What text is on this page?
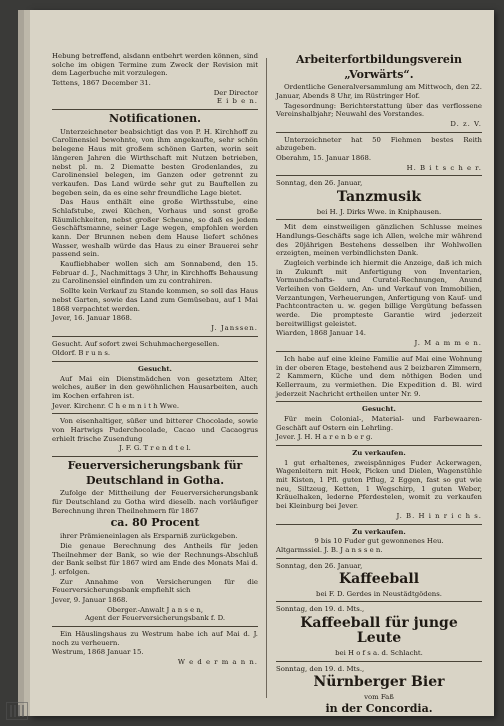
Hebung betreffend, alsdann entbehrt werden können, sind solche im obigen Termine zum Zweck der Revision mit dem Lagerbuche mit vorzulegen.
Tettens, 1867 December 31.
Der Director
E i b e n.
Notificationen.
Unterzeichneter beabsichtigt das von P. H. Kirchhoff zu Carolinensiel bewohnte, von ihm angekaufte, sehr schön belegene Haus mit großem schönen Garten, worin seit längeren Jahren die Wirthschaft mit Nutzen betrieben, nebst pl. m. 2 Diematte besten Grodenlandes, zu Carolinensiel belegen, im Ganzen oder getrennt zu verkaufen. Das Land würde sehr gut zu Bauftellen zu begeben sein, da es eine sehr freundliche Lage bietet.
Das Haus enthält eine große Wirthsstube, eine Schlafstube, zwei Küchen, Vorhaus und sonst große Räumlichkeiten, nebst großer Scheune, so daß es jedem Geschäftsmanne, seiner Lage wegen, empfohlen werden kann. Der Brunnen neben dem Hause liefert schönes Wasser, weshalb würde das Haus zu einer Brauerei sehr passend sein.
Kaufliebhaber wollen sich am Sonnabend, den 15. Februar d. J., Nachmittags 3 Uhr, in Kirchhoffs Behausung zu Carolinensiel einfinden um zu contrahiren.
Sollte kein Verkauf zu Stande kommen, so soll das Haus nebst Garten, sowie das Land zum Gemüsebau, auf 1 Mai 1868 verpachtet werden.
Jever, 16. Januar 1868.
J. Janssen.
Gesucht. Auf sofort zwei Schuhmachergesellen.
Oldorf. B r u n s.
Gesucht.
Auf Mai ein Dienstmädchen von gesetztem Alter, welches, außer in den gewöhnlichen Hausarbeiten, auch im Kochen erfahren ist.
Jever. Kirchenr. C h e m n i t h Wwe.
Von eisenhaltiger, süßer und bitterer Chocolade, sowie von Hartwigs Puderchocolade, Cacao und Cacaogrus erhielt frische Zusendung
J. F. G. T r e n d t e l.
Feuerversicherungsbank für
Deutschland in Gotha.
Zufolge der Mittheilung der Feuerversicherungsbank für Deutschland zu Gotha wird dieselb. nach vorläufiger Berechnung ihren Theilnehmern für 1867
ca. 80 Procent
ihrer Prämieneinlagen als Ersparniß zurückgeben.
Die genaue Berechnung des Antheils für jeden Theilnehmer der Bank, so wie der Rechnungs-Abschluß der Bank selbst für 1867 wird am Ende des Monats Mai d. J. erfolgen.
Zur Annahme von Versicherungen für die Feuerversicherungsbank empfiehlt sich
Jever, 9. Januar 1868.
Oberger.-Anwalt J a n s e n,
Agent der Feuerversicherungsbank f. D.
Ein Häuslingshaus zu Westrum habe ich auf Mai d. J. noch zu verheuern.
Westrum, 1868 Januar 15.
W e d e r m a n n.
Arbeiterfortbildungsverein
„Vorwärts“.
Ordentliche Generalversammlung am Mittwoch, den 22. Januar, Abends 8 Uhr, im Rüstringer Hof.
Tagesordnung: Berichterstattung über das verflossene Vereinshalbjahr; Neuwahl des Vorstandes.
D. z. V.
Unterzeichneter hat 50 Fiehmen bestes Reith abzugeben.
Oberahm, 15. Januar 1868.
H. B i t s c h e r.
Sonntag, den 26. Januar,
Tanzmusik
bei H. J. Dirks Wwe. in Kniphausen.
Mit dem einstweiligen gänzlichen Schlusse meines Handlungs-Geschäfts sage ich Allen, welche mir während des 20jährigen Bestehens desselben ihr Wohlwollen erzeigten, meinen verbindlichsten Dank.
Zugleich verbinde ich hiermit die Anzeige, daß ich mich in Zukunft mit Anfertigung von Inventarien, Vormundschafts- und Curatel-Rechnungen, Anund Verleihen von Geldern, An- und Verkauf von Immobilien, Verzantungen, Verheuerungen, Anfertigung von Kauf- und Pachtcontracten u. w. gegen billige Vergütung befassen werde. Die prompteste Garantie wird jederzeit bereitwilligst geleistet.
Wiarden, 1868 Januar 14.
J. M a m m e n.
Ich habe auf eine kleine Familie auf Mai eine Wohnung in der oberen Etage, bestehend aus 2 beizbaren Zimmern, 2 Kammern, Küche und dem nöthigen Boden und Kellerraum, zu vermiethen. Die Expedition d. Bl. wird jederzeit Nachricht ertheilen unter Nr. 9.
Gesucht.
Für mein Colonial-, Material- und Farbewaaren-Geschäft auf Ostern ein Lehrling.
Jever. J. H. H a r e n b e r g.
Zu verkaufen.
1 gut erhaltenes, zweispänniges Fuder Ackerwagen, Wagenleitern mit Heek, Picken und Dielen, Wagenstühle mit Kisten, 1 Pfl. guten Pflug, 2 Eggen, fast so gut wie neu, Siltzeug, Ketten, 1 Wegschirp, 1 guten Weber, Kräuelhaken, lederne Pferdestelen, womit zu verkaufen bei Kleinburg bei Jever.
J. B. H i n r i c h s.
Zu verkaufen.
9 bis 10 Fuder gut gewonnenes Heu.
Altgarmssiel. J. B. J a n s s e n.
Sonntag, den 26. Januar,
Kaffeeball
bei F. D. Gerdes in Neustädtgödens.
Sonntag, den 19. d. Mts.,
Kaffeeball für junge Leute
bei H o f s a. d. Schlacht.
Sonntag, den 19. d. Mts.,
Nürnberger Bier
vom Faß
in der Concordia.
